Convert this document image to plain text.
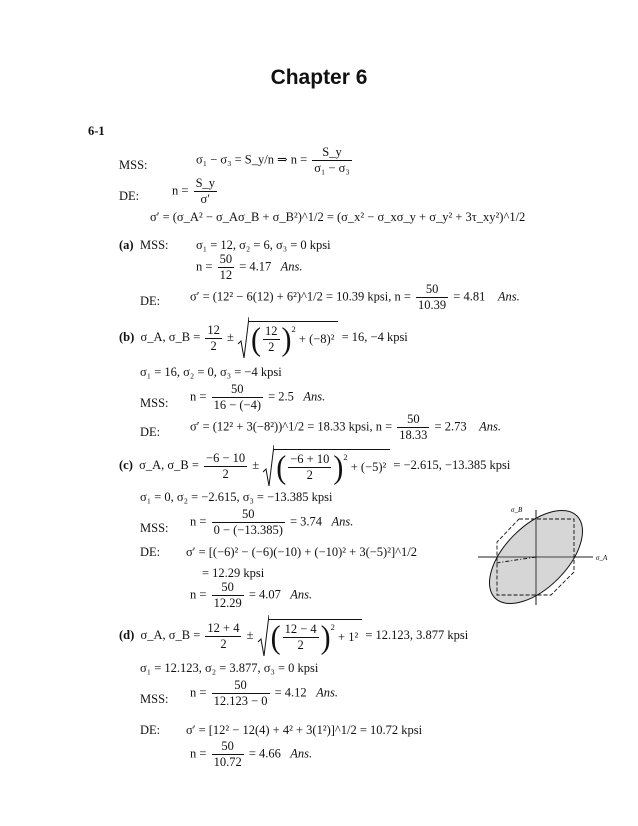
Chapter 6
6-1
MSS:	σ₁ − σ₃ = S_y/n ⇒ $n = \frac{S\_y}{\text{σ₁ − σ₃}}$
DE:	$n = \frac{S\_y}{\sigma'}$
σ′ = (σ_A² − σ_Aσ_B + σ_B²)^1/2 = (σ_x² − σ_xσ_y + σ_y² + 3τ_xy²)^1/2
(a) MSS: σ₁ = 12, σ₂ = 6, σ₃ = 0 kpsi
$n = \frac{50}{12} = 4.17$ Ans.
DE: σ′ = (12² − 6(12) + 6²)^1/2 = 10.39 kpsi, $n = \frac{50}{10.39} = 4.81$ Ans.
(b) σ_A, σ_B = $\frac{12}{2}$ ± ( $\frac{12}{2} )^2$

+ (−8)² = 16, −4 kpsi
σ₁ = 16, σ₂ = 0, σ₃ = −4 kpsi
MSS: $n = \frac{50}{16 - (-4)} = 2.5$ Ans.
DE: σ′ = (12² + 3(−8²))^1/2 = 18.33 kpsi, $n = \frac{50}{18.33} = 2.73$ Ans.
(c) σ_A, σ_B = $\frac{-6 - 10}{2}$ ± ( $\frac{-6 + 10}{2} )^2$

+ (−5)² = −2.615, −13.385 kpsi
σ₁ = 0, σ₂ = −2.615, σ₃ = −13.385 kpsi
MSS: $n = \frac{50}{0 - (-13.385)} = 3.74$ Ans.
DE: σ′ = [(−6)² − (−6)(−10) + (−10)² + 3(−5)²]^1/2
= 12.29 kpsi
$n = \frac{50}{12.29} = 4.07$ Ans.
(d) σ_A, σ_B = $\frac{12 + 4}{2}$ ± ( $\frac{12 - 4}{2} )^2$

+ 1² = 12.123, 3.877 kpsi
σ₁ = 12.123, σ₂ = 3.877, σ₃ = 0 kpsi
MSS: $n = \frac{50}{12.123 - 0} = 4.12$ Ans.
DE: σ′ = [12² − 12(4) + 4² + 3(1²)]^1/2 = 10.72 kpsi
$n = \frac{50}{10.72} = 4.66$ Ans.
σ_B
σ_A
